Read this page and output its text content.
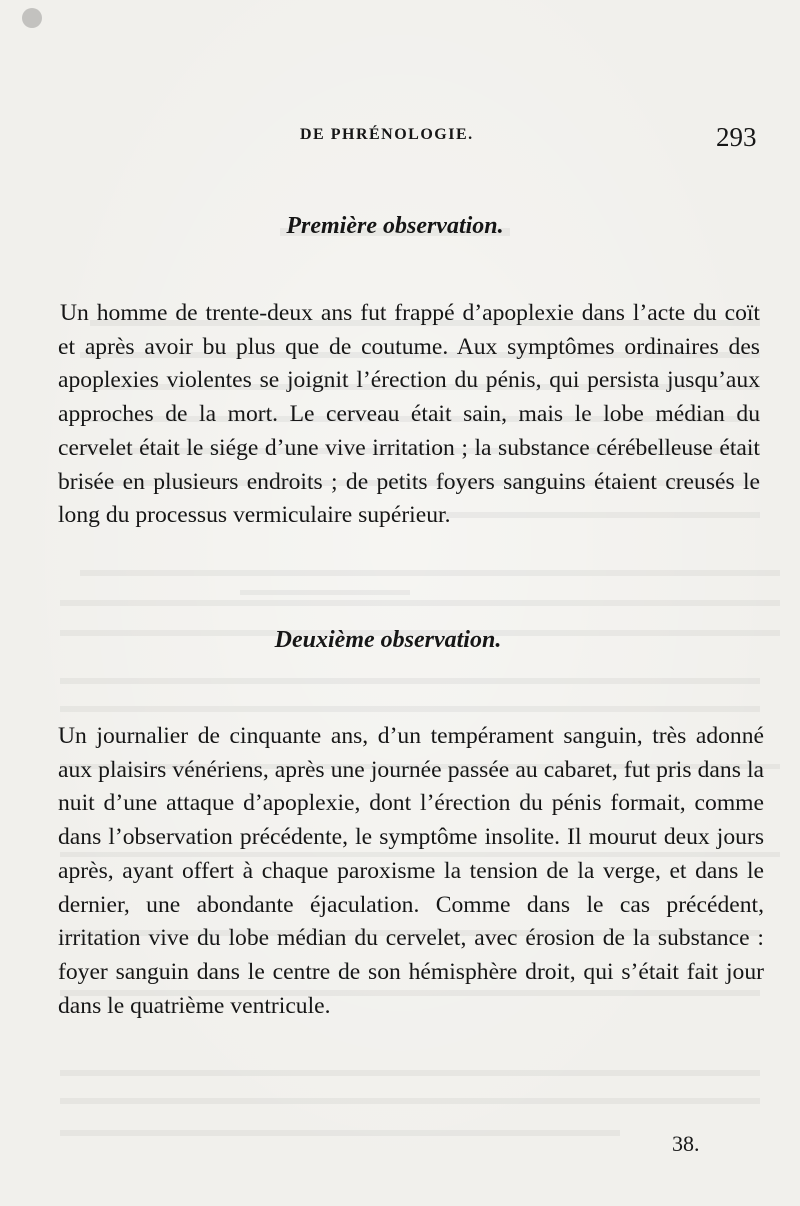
DE PHRÉNOLOGIE.	293
Première observation.

Un homme de trente-deux ans fut frappé d’apoplexie dans l’acte du coït et après avoir bu plus que de coutume. Aux symptômes ordinaires des apoplexies violentes se joignit l’érection du pénis, qui persista jusqu’aux approches de la mort. Le cerveau était sain, mais le lobe médian du cervelet était le siége d’une vive irritation ; la substance cérébelleuse était brisée en plusieurs endroits ; de petits foyers sanguins étaient creusés le long du processus vermiculaire supérieur.

Deuxième observation.

Un journalier de cinquante ans, d’un tempérament sanguin, très adonné aux plaisirs vénériens, après une journée passée au cabaret, fut pris dans la nuit d’une attaque d’apoplexie, dont l’érection du pénis formait, comme dans l’observation précédente, le symptôme insolite. Il mourut deux jours après, ayant offert à chaque paroxisme la tension de la verge, et dans le dernier, une abondante éjaculation. Comme dans le cas précédent, irritation vive du lobe médian du cervelet, avec érosion de la substance : foyer sanguin dans le centre de son hémisphère droit, qui s’était fait jour dans le quatrième ventricule.

38.
